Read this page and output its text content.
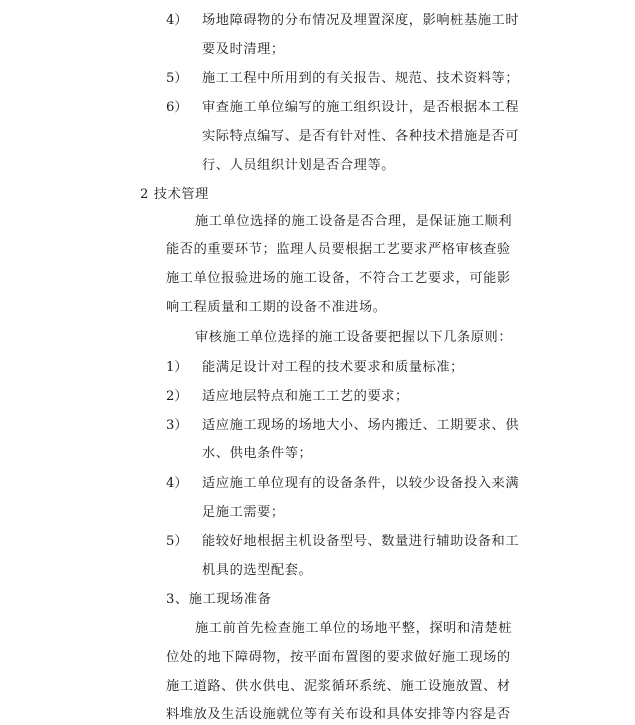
4） 场地障碍物的分布情况及埋置深度，影响桩基施工时
要及时清理；
5） 施工工程中所用到的有关报告、规范、技术资料等；
6） 审查施工单位编写的施工组织设计，是否根据本工程
实际特点编写、是否有针对性、各种技术措施是否可
行、人员组织计划是否合理等。
2 技术管理
施工单位选择的施工设备是否合理，是保证施工顺利
能否的重要环节；监理人员要根据工艺要求严格审核查验
施工单位报验进场的施工设备，不符合工艺要求，可能影
响工程质量和工期的设备不准进场。
审核施工单位选择的施工设备要把握以下几条原则：
1） 能满足设计对工程的技术要求和质量标准；
2） 适应地层特点和施工工艺的要求；
3） 适应施工现场的场地大小、场内搬迁、工期要求、供
水、供电条件等；
4） 适应施工单位现有的设备条件，以较少设备投入来满
足施工需要；
5） 能较好地根据主机设备型号、数量进行辅助设备和工
机具的选型配套。
3、施工现场准备
施工前首先检查施工单位的场地平整，探明和清楚桩
位处的地下障碍物，按平面布置图的要求做好施工现场的
施工道路、供水供电、泥浆循环系统、施工设施放置、材
料堆放及生活设施就位等有关布设和具体安排等内容是否
